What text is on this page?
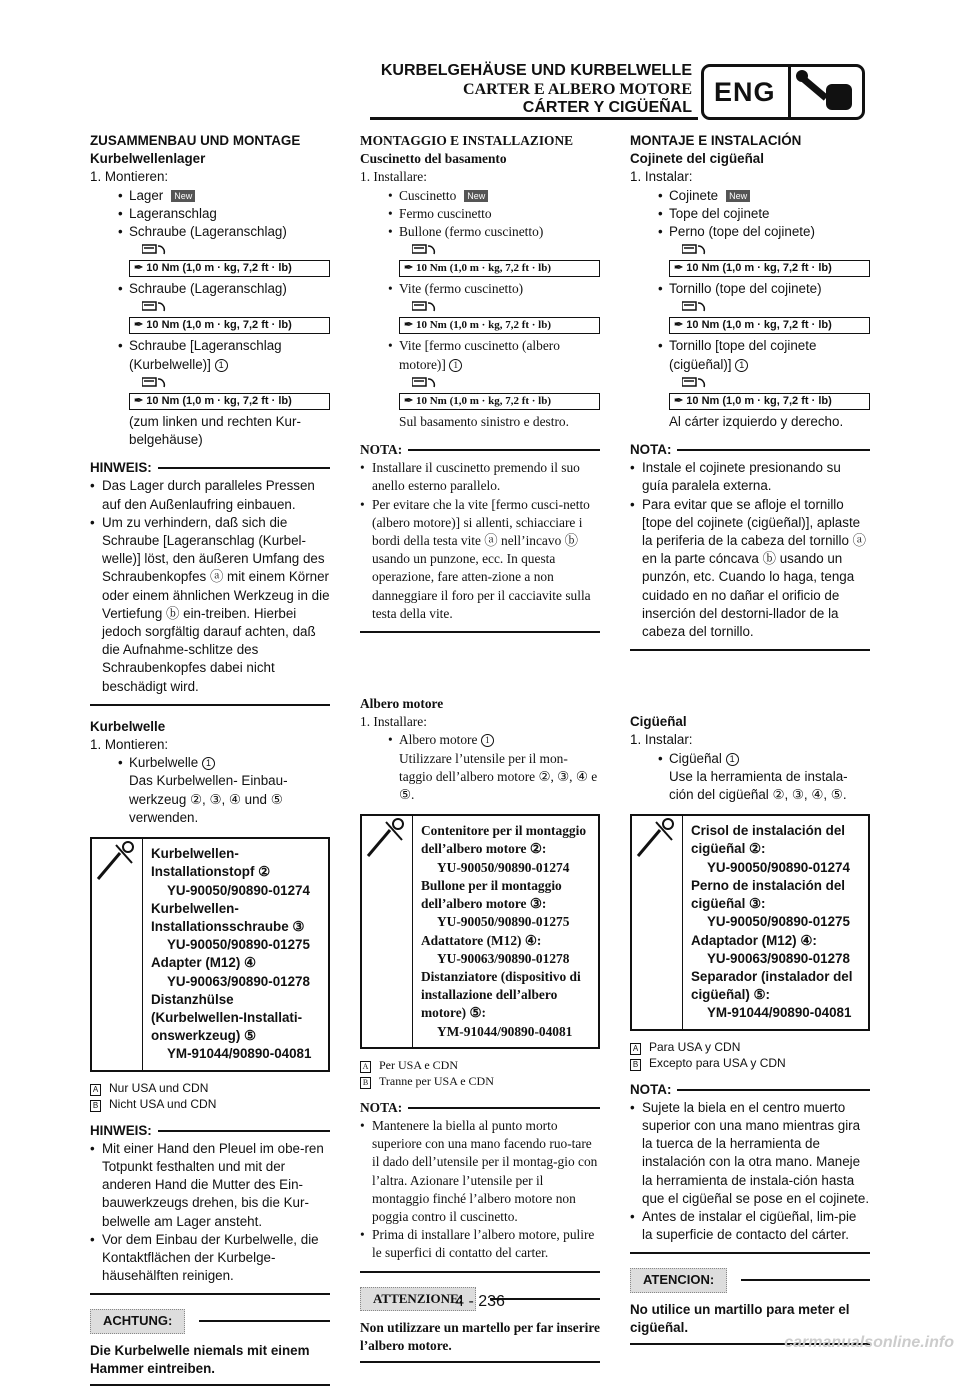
KURBELGEHÄUSE UND KURBELWELLE
CARTER E ALBERO MOTORE
CÁRTER Y CIGÜEÑAL
ENG
ZUSAMMENBAU UND MONTAGE
Kurbelwellenlager
1. Montieren:
• Lager New
• Lageranschlag
• Schraube (Lageranschlag)
✒ 10 Nm (1,0 m · kg, 7,2 ft · lb)
• Schraube (Lageranschlag)
✒ 10 Nm (1,0 m · kg, 7,2 ft · lb)
• Schraube [Lageranschlag
(Kurbelwelle)] 1
✒ 10 Nm (1,0 m · kg, 7,2 ft · lb)
(zum linken und rechten Kur-
belgehäuse)
HINWEIS:
• Das Lager durch paralleles Pressen auf den Außenlaufring einbauen.
• Um zu verhindern, daß sich die Schraube [Lageranschlag (Kurbel-welle)] löst, den äußeren Umfang des Schraubenkopfes ⓐ mit einem Körner oder einem ähnlichen Werkzeug in die Vertiefung ⓑ ein-treiben. Hierbei jedoch sorgfältig darauf achten, daß die Aufnahme-schlitze des Schraubenkopfes dabei nicht beschädigt wird.
Kurbelwelle
1. Montieren:
• Kurbelwelle 1
Das Kurbelwellen- Einbau-werkzeug ②, ③, ④ und ⑤ verwenden.
Kurbelwellen-Installationstopf ②
YU-90050/90890-01274
Kurbelwellen-Installationsschraube ③
YU-90050/90890-01275
Adapter (M12) ④
YU-90063/90890-01278
Distanzhülse (Kurbelwellen-Installati-onswerkzeug) ⑤
YM-91044/90890-04081
A Nur USA und CDN
B Nicht USA und CDN
HINWEIS:
• Mit einer Hand den Pleuel im obe-ren Totpunkt festhalten und mit der anderen Hand die Mutter des Ein-bauwerkzeugs drehen, bis die Kur-belwelle am Lager ansteht.
• Vor dem Einbau der Kurbelwelle, die Kontaktflächen der Kurbelge-häusehälften reinigen.
ACHTUNG:
Die Kurbelwelle niemals mit einem Hammer eintreiben.
MONTAGGIO E INSTALLAZIONE
Cuscinetto del basamento
1. Installare:
• Cuscinetto New
• Fermo cuscinetto
• Bullone (fermo cuscinetto)
✒ 10 Nm (1,0 m · kg, 7,2 ft · lb)
• Vite (fermo cuscinetto)
✒ 10 Nm (1,0 m · kg, 7,2 ft · lb)
• Vite [fermo cuscinetto (albero
motore)] 1
✒ 10 Nm (1,0 m · kg, 7,2 ft · lb)
Sul basamento sinistro e destro.
NOTA:
• Installare il cuscinetto premendo il suo anello esterno parallelo.
• Per evitare che la vite [fermo cusci-netto (albero motore)] si allenti, schiacciare i bordi della testa vite ⓐ nell’incavo ⓑ usando un punzone, ecc. In questa operazione, fare atten-zione a non danneggiare il foro per il cacciavite sulla testa della vite.
Albero motore
1. Installare:
• Albero motore 1
Utilizzare l’utensile per il mon-taggio dell’albero motore ②, ③, ④ e ⑤.
Contenitore per il montaggio dell’albero motore ②:
YU-90050/90890-01274
Bullone per il montaggio dell’albero motore ③:
YU-90050/90890-01275
Adattatore (M12) ④:
YU-90063/90890-01278
Distanziatore (dispositivo di installazione dell’albero motore) ⑤:
YM-91044/90890-04081
A Per USA e CDN
B Tranne per USA e CDN
NOTA:
• Mantenere la biella al punto morto superiore con una mano facendo ruo-tare il dado dell’utensile per il montag-gio con l’altra. Azionare l’utensile per il montaggio finché l’albero motore non poggia contro il cuscinetto.
• Prima di installare l’albero motore, pulire le superfici di contatto del carter.
ATTENZIONE:
Non utilizzare un martello per far inserire l’albero motore.
MONTAJE E INSTALACIÓN
Cojinete del cigüeñal
1. Instalar:
• Cojinete New
• Tope del cojinete
• Perno (tope del cojinete)
✒ 10 Nm (1,0 m · kg, 7,2 ft · lb)
• Tornillo (tope del cojinete)
✒ 10 Nm (1,0 m · kg, 7,2 ft · lb)
• Tornillo [tope del cojinete
(cigüeñal)] 1
✒ 10 Nm (1,0 m · kg, 7,2 ft · lb)
Al cárter izquierdo y derecho.
NOTA:
• Instale el cojinete presionando su guía paralela externa.
• Para evitar que se afloje el tornillo [tope del cojinete (cigüeñal)], aplaste la periferia de la cabeza del tornillo ⓐ en la parte cóncava ⓑ usando un punzón, etc. Cuando lo haga, tenga cuidado en no dañar el orificio de inserción del destorni-llador de la cabeza del tornillo.
Cigüeñal
1. Instalar:
• Cigüeñal 1
Use la herramienta de instala-ción del cigüeñal ②, ③, ④, ⑤.
Crisol de instalación del cigüeñal ②:
YU-90050/90890-01274
Perno de instalación del cigüeñal ③:
YU-90050/90890-01275
Adaptador (M12) ④:
YU-90063/90890-01278
Separador (instalador del cigüeñal) ⑤:
YM-91044/90890-04081
A Para USA y CDN
B Excepto para USA y CDN
NOTA:
• Sujete la biela en el centro muerto superior con una mano mientras gira la tuerca de la herramienta de instalación con la otra mano. Maneje la herramienta de instala-ción hasta que el cigüeñal se pose en el cojinete.
• Antes de instalar el cigüeñal, lim-pie la superficie de contacto del cárter.
ATENCION:
No utilice un martillo para meter el cigüeñal.
4 - 236
carmanualsonline.info
